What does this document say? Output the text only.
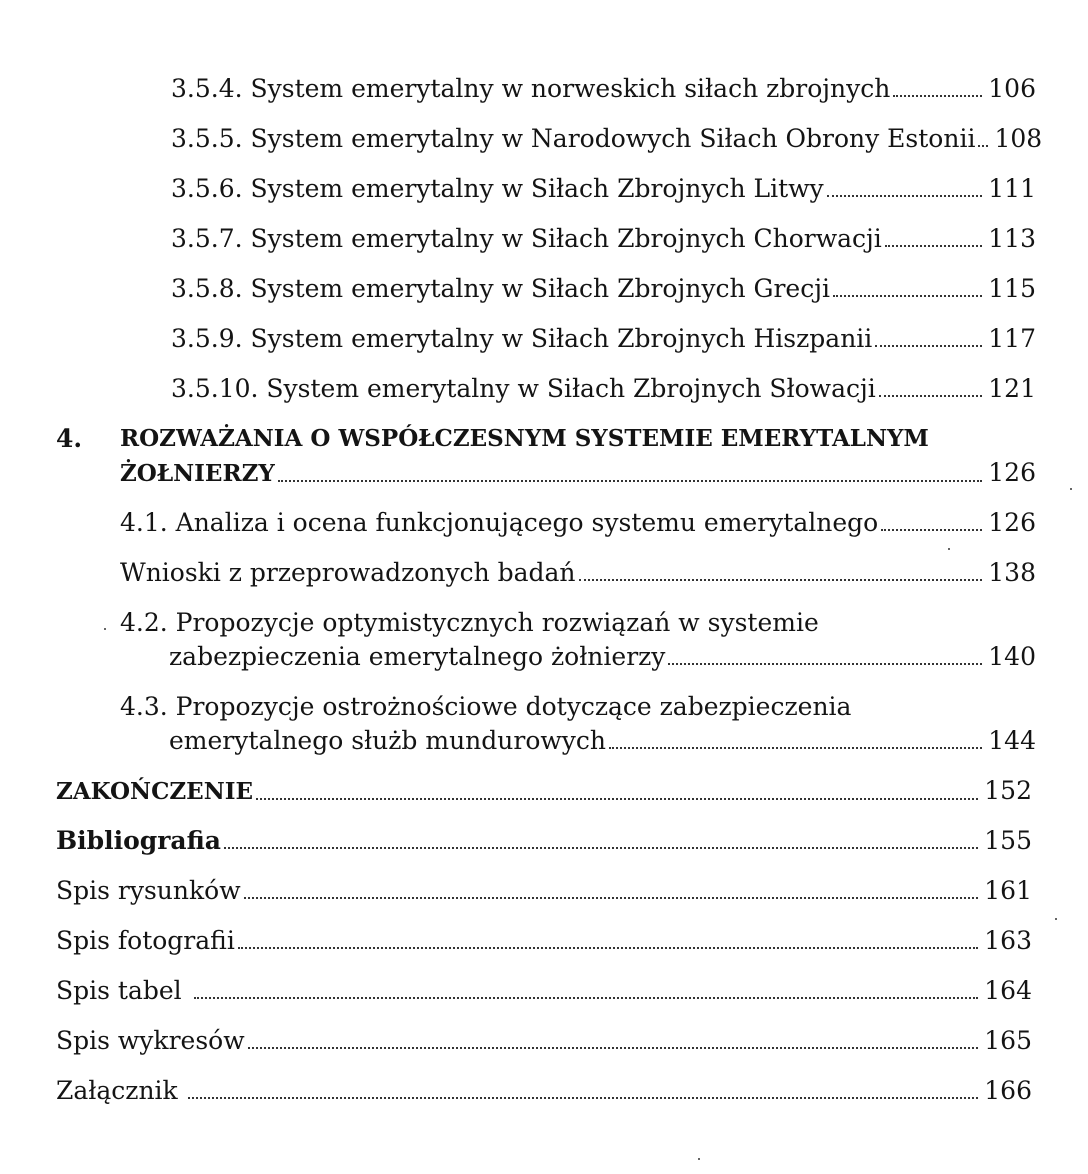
3.5.4. System emerytalny w norweskich siłach zbrojnych	106
3.5.5. System emerytalny w Narodowych Siłach Obrony Estonii 108
3.5.6. System emerytalny w Siłach Zbrojnych Litwy	111
3.5.7. System emerytalny w Siłach Zbrojnych Chorwacji	113
3.5.8. System emerytalny w Siłach Zbrojnych Grecji	115
3.5.9. System emerytalny w Siłach Zbrojnych Hiszpanii	117
3.5.10. System emerytalny w Siłach Zbrojnych Słowacji	121
4. ROZWAŻANIA O WSPÓŁCZESNYM SYSTEMIE EMERYTALNYM
ŻOŁNIERZY	126
4.1. Analiza i ocena funkcjonującego systemu emerytalnego	126
Wnioski z przeprowadzonych badań	138
4.2. Propozycje optymistycznych rozwiązań w systemie
zabezpieczenia emerytalnego żołnierzy	140
4.3. Propozycje ostrożnościowe dotyczące zabezpieczenia
emerytalnego służb mundurowych	144
ZAKOŃCZENIE	152
Bibliografia	155
Spis rysunków	161
Spis fotografii	163
Spis tabel	164
Spis wykresów	165
Załącznik	166
